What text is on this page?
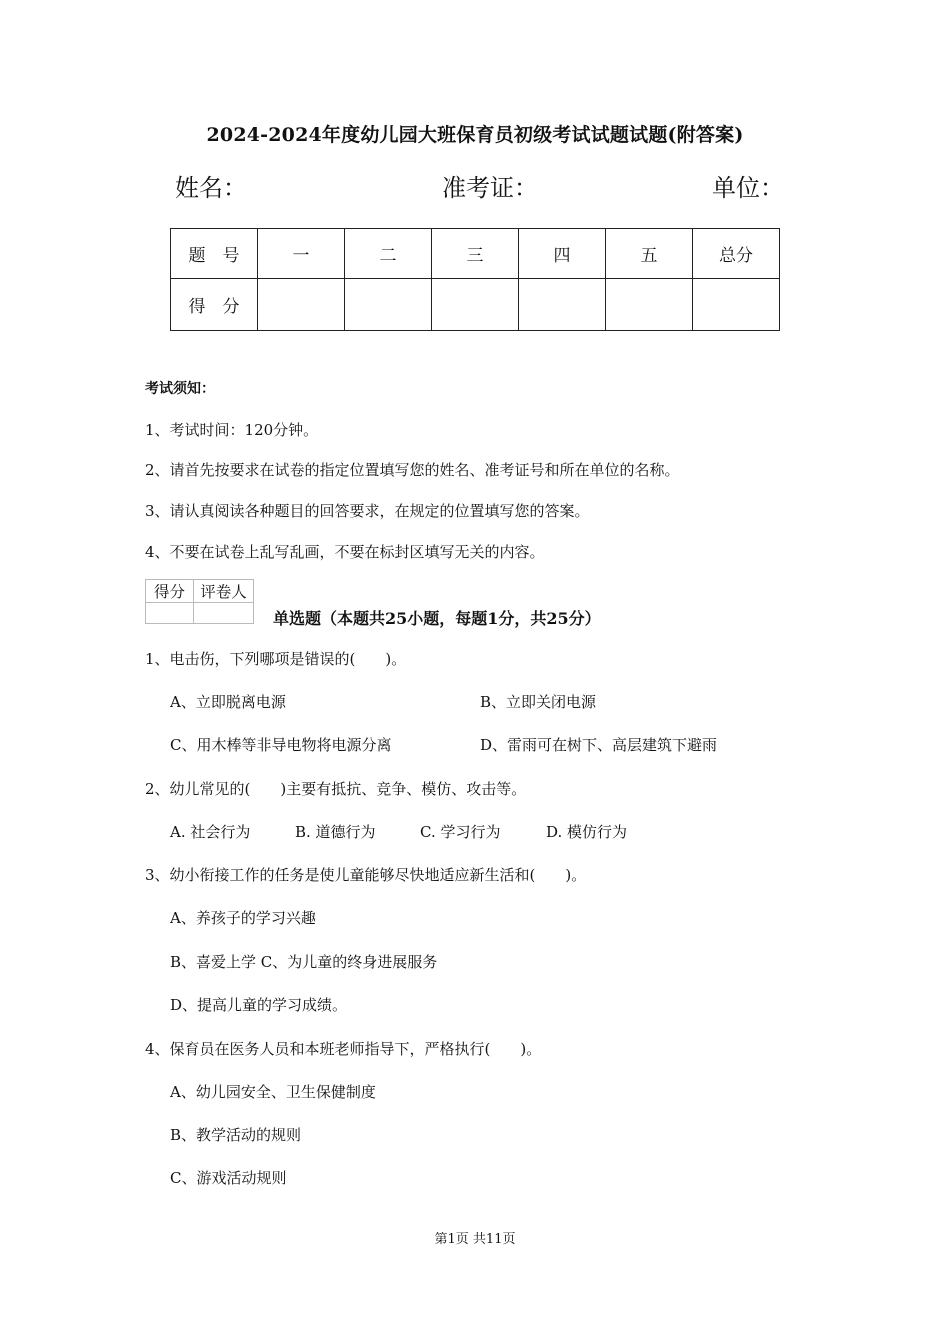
2024-2024年度幼儿园大班保育员初级考试试题试题(附答案)
姓名：	准考证：	单位：
题　号	一	二	三	四	五	总分
得　分						
考试须知：
1、考试时间：120分钟。
2、请首先按要求在试卷的指定位置填写您的姓名、准考证号和所在单位的名称。
3、请认真阅读各种题目的回答要求，在规定的位置填写您的答案。
4、不要在试卷上乱写乱画，不要在标封区填写无关的内容。
得分	评卷人

单选题（本题共25小题，每题1分，共25分）
1、电击伤，下列哪项是错误的(　　)。
A、立即脱离电源	B、立即关闭电源
C、用木棒等非导电物将电源分离	D、雷雨可在树下、高层建筑下避雨
2、幼儿常见的(　　)主要有抵抗、竞争、模仿、攻击等。
A. 社会行为	B. 道德行为	C. 学习行为	D. 模仿行为
3、幼小衔接工作的任务是使儿童能够尽快地适应新生活和(　　)。
A、养孩子的学习兴趣
B、喜爱上学 C、为儿童的终身进展服务
D、提高儿童的学习成绩。
4、保育员在医务人员和本班老师指导下，严格执行(　　)。
A、幼儿园安全、卫生保健制度
B、教学活动的规则
C、游戏活动规则
第1页 共11页
